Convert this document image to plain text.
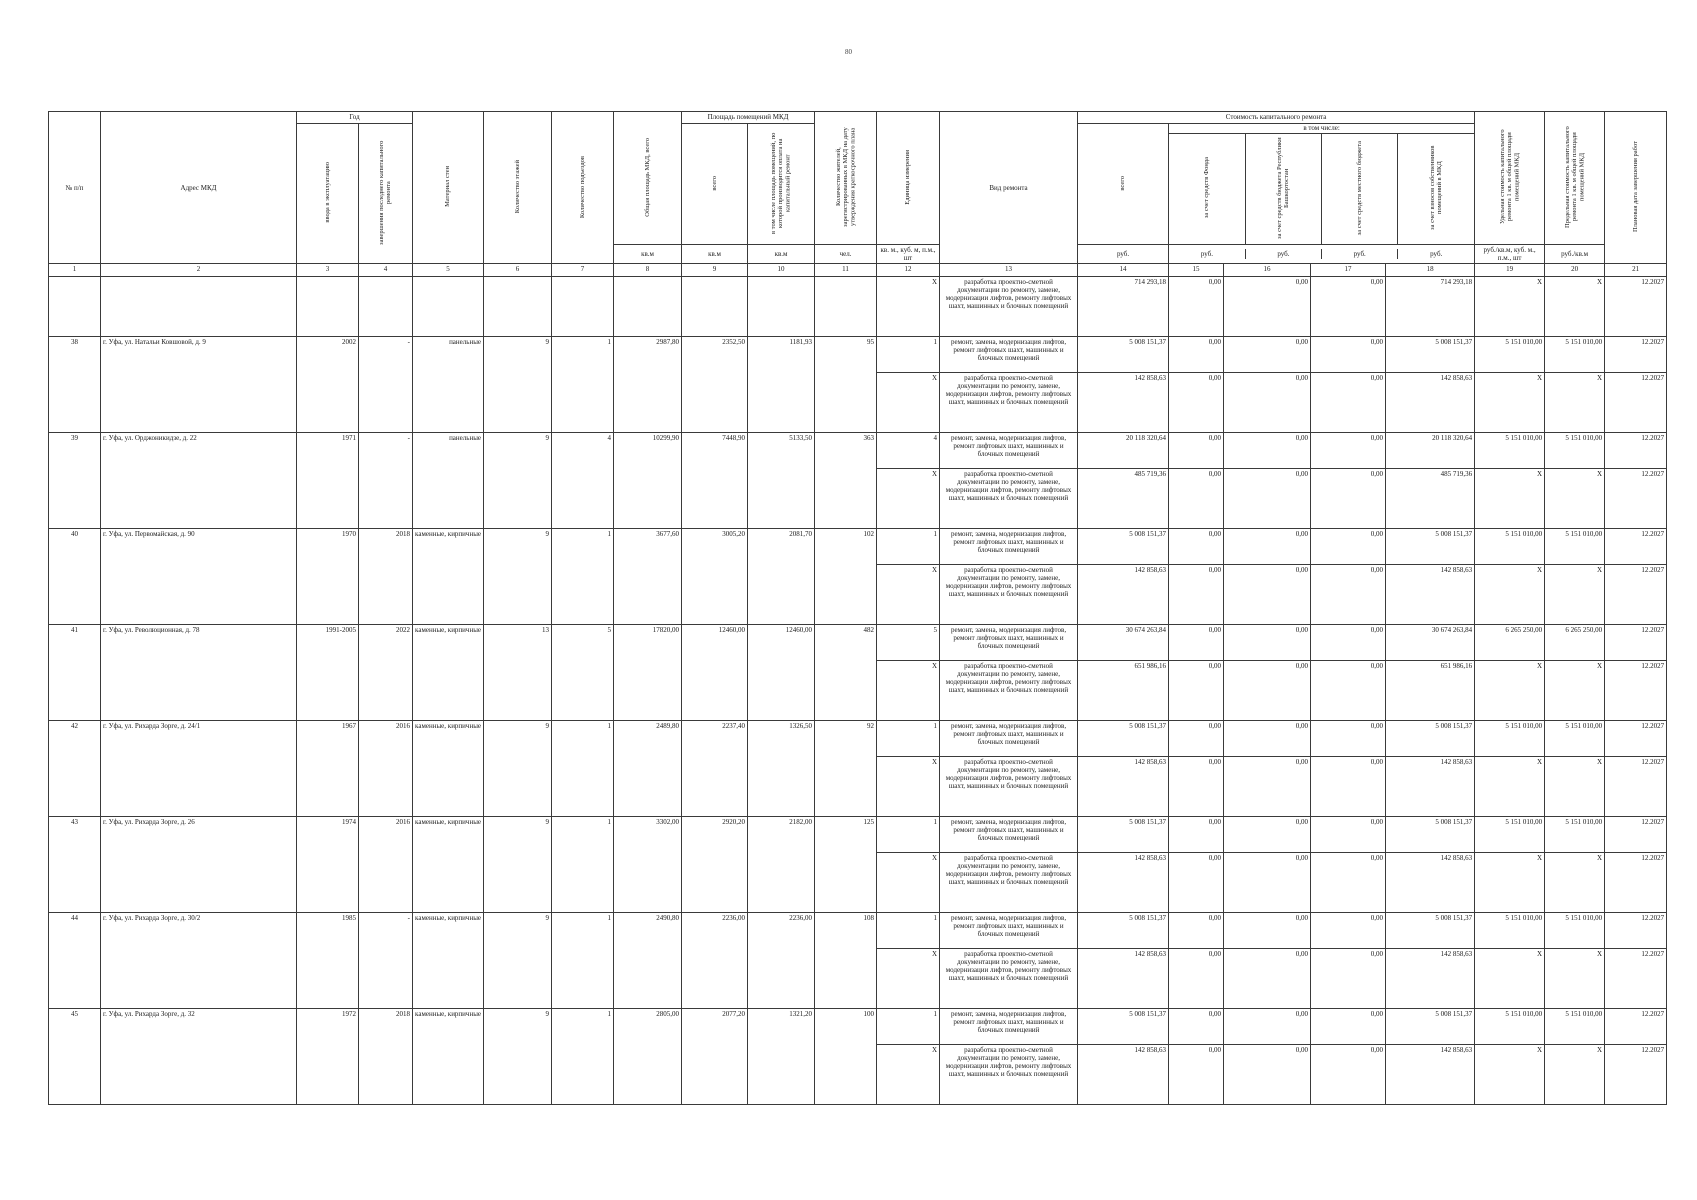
80
№ п/п	Адрес МКД	Год	Материал стен	Количество этажей	Количество подъездов	Общая площадь МКД, всего	Площадь помещений МКД	Количество жителей, зарегистрированных в МКД на дату утверждения краткосрочного плана	Единица измерения	Вид ремонта	Стоимость капитального ремонта	Удельная стоимость капитального ремонта 1 кв. м общей площади помещений МКД	Предельная стоимость капитального ремонта 1 кв. м общей площади помещений МКД	Плановая дата завершения работ
ввода в эксплуатацию	завершения последнего капитального ремонта	всего	в том числе площадь помещений, по которой производится оплата на капитальный ремонт	всего	
в том числе:
за счет средств Фонда	за счет средств бюджета Республики Башкортостан	за счет средств местного бюджета	за счет взносов собственников помещений в МКД

кв.м	кв.м	кв.м	чел.	кв. м., куб. м, п.м., шт	руб.		руб.	руб.	руб.	руб.
	руб./кв.м, куб. м., п.м., шт	руб./кв.м
1	2	3	4	5	6	7	8	9	10	11	12	13	14	15	16	17	18	19	20	21
											X	разработка проектно-сметной документации по ремонту, замене, модернизации лифтов, ремонту лифтовых шахт, машинных и блочных помещений	714 293,18	0,00	0,00	0,00	714 293,18	X	X	12.2027
38	г. Уфа, ул. Натальи Ковшовой, д. 9	2002	-	панельные	9	1	2987,80	2352,50	1181,93	95	1	ремонт, замена, модернизация лифтов, ремонт лифтовых шахт, машинных и блочных помещений	5 008 151,37	0,00	0,00	0,00	5 008 151,37	5 151 010,00	5 151 010,00	12.2027
X	разработка проектно-сметной документации по ремонту, замене, модернизации лифтов, ремонту лифтовых шахт, машинных и блочных помещений	142 858,63	0,00	0,00	0,00	142 858,63	X	X	12.2027
39	г. Уфа, ул. Орджоникидзе, д. 22	1971	-	панельные	9	4	10299,90	7448,90	5133,50	363	4	ремонт, замена, модернизация лифтов, ремонт лифтовых шахт, машинных и блочных помещений	20 118 320,64	0,00	0,00	0,00	20 118 320,64	5 151 010,00	5 151 010,00	12.2027
X	разработка проектно-сметной документации по ремонту, замене, модернизации лифтов, ремонту лифтовых шахт, машинных и блочных помещений	485 719,36	0,00	0,00	0,00	485 719,36	X	X	12.2027
40	г. Уфа, ул. Первомайская, д. 90	1970	2018	каменные, кирпичные	9	1	3677,60	3005,20	2081,70	102	1	ремонт, замена, модернизация лифтов, ремонт лифтовых шахт, машинных и блочных помещений	5 008 151,37	0,00	0,00	0,00	5 008 151,37	5 151 010,00	5 151 010,00	12.2027
X	разработка проектно-сметной документации по ремонту, замене, модернизации лифтов, ремонту лифтовых шахт, машинных и блочных помещений	142 858,63	0,00	0,00	0,00	142 858,63	X	X	12.2027
41	г. Уфа, ул. Революционная, д. 78	1991-2005	2022	каменные, кирпичные	13	5	17820,00	12460,00	12460,00	482	5	ремонт, замена, модернизация лифтов, ремонт лифтовых шахт, машинных и блочных помещений	30 674 263,84	0,00	0,00	0,00	30 674 263,84	6 265 250,00	6 265 250,00	12.2027
X	разработка проектно-сметной документации по ремонту, замене, модернизации лифтов, ремонту лифтовых шахт, машинных и блочных помещений	651 986,16	0,00	0,00	0,00	651 986,16	X	X	12.2027
42	г. Уфа, ул. Рихарда Зорге, д. 24/1	1967	2016	каменные, кирпичные	9	1	2489,80	2237,40	1326,50	92	1	ремонт, замена, модернизация лифтов, ремонт лифтовых шахт, машинных и блочных помещений	5 008 151,37	0,00	0,00	0,00	5 008 151,37	5 151 010,00	5 151 010,00	12.2027
X	разработка проектно-сметной документации по ремонту, замене, модернизации лифтов, ремонту лифтовых шахт, машинных и блочных помещений	142 858,63	0,00	0,00	0,00	142 858,63	X	X	12.2027
43	г. Уфа, ул. Рихарда Зорге, д. 26	1974	2016	каменные, кирпичные	9	1	3302,00	2920,20	2182,00	125	1	ремонт, замена, модернизация лифтов, ремонт лифтовых шахт, машинных и блочных помещений	5 008 151,37	0,00	0,00	0,00	5 008 151,37	5 151 010,00	5 151 010,00	12.2027
X	разработка проектно-сметной документации по ремонту, замене, модернизации лифтов, ремонту лифтовых шахт, машинных и блочных помещений	142 858,63	0,00	0,00	0,00	142 858,63	X	X	12.2027
44	г. Уфа, ул. Рихарда Зорге, д. 30/2	1985	-	каменные, кирпичные	9	1	2490,80	2236,00	2236,00	108	1	ремонт, замена, модернизация лифтов, ремонт лифтовых шахт, машинных и блочных помещений	5 008 151,37	0,00	0,00	0,00	5 008 151,37	5 151 010,00	5 151 010,00	12.2027
X	разработка проектно-сметной документации по ремонту, замене, модернизации лифтов, ремонту лифтовых шахт, машинных и блочных помещений	142 858,63	0,00	0,00	0,00	142 858,63	X	X	12.2027
45	г. Уфа, ул. Рихарда Зорге, д. 32	1972	2018	каменные, кирпичные	9	1	2805,00	2077,20	1321,20	100	1	ремонт, замена, модернизация лифтов, ремонт лифтовых шахт, машинных и блочных помещений	5 008 151,37	0,00	0,00	0,00	5 008 151,37	5 151 010,00	5 151 010,00	12.2027
X	разработка проектно-сметной документации по ремонту, замене, модернизации лифтов, ремонту лифтовых шахт, машинных и блочных помещений	142 858,63	0,00	0,00	0,00	142 858,63	X	X	12.2027
